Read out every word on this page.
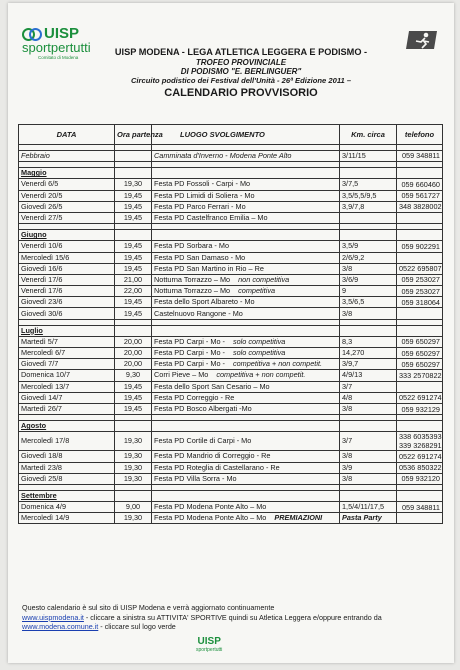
UISP
sportpertutti
Comitato di Modena
UISP MODENA - LEGA ATLETICA LEGGERA E PODISMO -
TROFEO PROVINCIALE
DI PODISMO "E. BERLINGUER"
Circuito podistico dei Festival dell'Unità - 26ª Edizione 2011 –
CALENDARIO PROVVISORIO
DATA	Ora partenza	LUOGO SVOLGIMENTO	Km. circa	telefono

Febbraio		Camminata d'Inverno - Modena Ponte Alto	3/11/15	059 348811

Maggio				
Venerdì 6/5	19,30	Festa PD Fossoli - Carpi - Mo	3/7,5	059 660460

Venerdì 20/5	19,45	Festa PD Limidi di Soliera - Mo	3,5/5,5/9,5	059 561727

Giovedì 26/5	19,45	Festa PD Parco Ferrari - Mo	3,9/7,8	348 3828002

Venerdì 27/5	19,45	Festa PD Castelfranco Emilia – Mo		

Giugno				
Venerdì 10/6	19,45	Festa PD Sorbara - Mo	3,5/9	059 902291

Mercoledì 15/6	19,45	Festa PD San Damaso - Mo	2/6/9,2	

Giovedì 16/6	19,45	Festa PD San Martino in Rio – Re	3/8	0522 695807

Venerdì 17/6	21,00	Notturna Torrazzo – Mo non competitiva	3/6/9	059 253027

Venerdì 17/6	22,00	Notturna Torrazzo – Mo competitiva	9	059 253027

Giovedì 23/6	19,45	Festa dello Sport Albareto - Mo	3,5/6,5	059 318064

Giovedì 30/6	19,45	Castelnuovo Rangone - Mo	3/8	

Luglio				
Martedì 5/7	20,00	Festa PD Carpi - Mo - solo competitiva	8,3	059 650297

Mercoledì 6/7	20,00	Festa PD Carpi - Mo - solo competitiva	14,270	059 650297

Giovedì 7/7	20,00	Festa PD Carpi - Mo - competitiva + non competit.	3/9,7	059 650297

Domenica 10/7	9,30	Corri Pieve – Mo competitiva + non competit.	4/9/13	333 2570822

Mercoledì 13/7	19,45	Festa dello Sport San Cesario – Mo	3/7	

Giovedì 14/7	19,45	Festa PD Correggio - Re	4/8	0522 691274

Martedì 26/7	19,45	Festa PD Bosco Albergati -Mo	3/8	059 932129

Agosto				
Mercoledì 17/8	19,30	Festa PD Cortile di Carpi - Mo	3/7	338 6035393
339 3268291

Giovedì 18/8	19,30	Festa PD Mandrio di Correggio - Re	3/8	0522 691274

Martedì 23/8	19,30	Festa PD Roteglia di Castellarano - Re	3/9	0536 850322

Giovedì 25/8	19,30	Festa PD Villa Sorra - Mo	3/8	059 932120

Settembre				
Domenica 4/9	9,00	Festa PD Modena Ponte Alto – Mo	1,5/4/11/17,5	059 348811

Mercoledì 14/9	19,30	Festa PD Modena Ponte Alto – Mo PREMIAZIONI	Pasta Party	
Questo calendario è sul sito di UISP Modena e verrà aggiornato continuamente
www.uispmodena.it - cliccare a sinistra su ATTIVITA' SPORTIVE quindi su Atletica Leggera e/oppure entrando da
www.modena.comune.it - cliccare sul logo verde
UISP
sportpertutti
